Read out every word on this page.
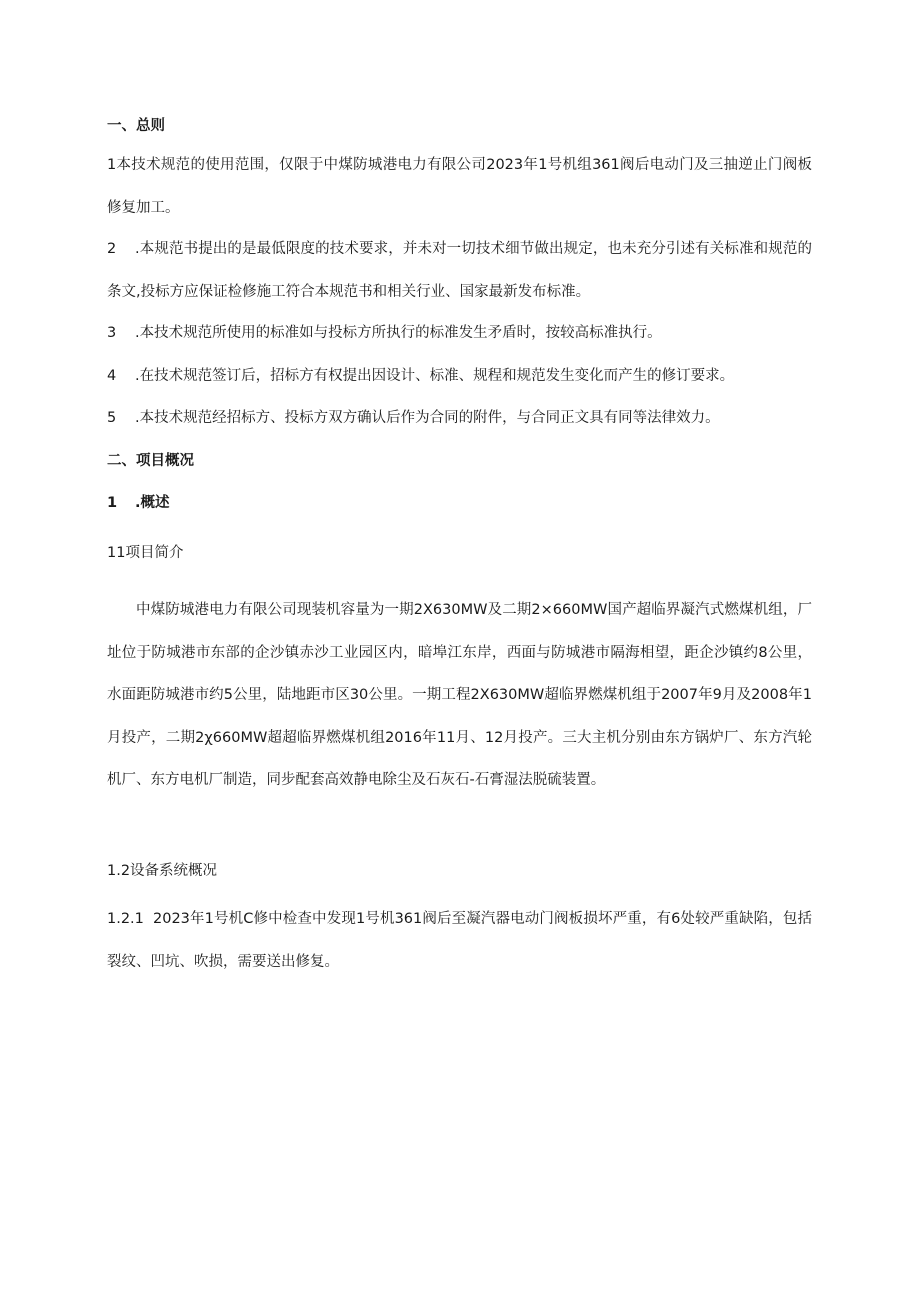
一、总则
1本技术规范的使用范围，仅限于中煤防城港电力有限公司2023年1号机组361阀后电动门及三抽逆止门阀板修复加工。
2 .本规范书提出的是最低限度的技术要求，并未对一切技术细节做出规定，也未充分引述有关标准和规范的条文,投标方应保证检修施工符合本规范书和相关行业、国家最新发布标准。
3 .本技术规范所使用的标准如与投标方所执行的标准发生矛盾时，按较高标准执行。
4 .在技术规范签订后，招标方有权提出因设计、标准、规程和规范发生变化而产生的修订要求。
5 .本技术规范经招标方、投标方双方确认后作为合同的附件，与合同正文具有同等法律效力。
二、项目概况
1 .概述
11项目简介
中煤防城港电力有限公司现装机容量为一期2X630MW及二期2×660MW国产超临界凝汽式燃煤机组，厂址位于防城港市东部的企沙镇赤沙工业园区内，暗埠江东岸，西面与防城港市隔海相望，距企沙镇约8公里，水面距防城港市约5公里，陆地距市区30公里。一期工程2X630MW超临界燃煤机组于2007年9月及2008年1月投产，二期2χ660MW超超临界燃煤机组2016年11月、12月投产。三大主机分别由东方锅炉厂、东方汽轮机厂、东方电机厂制造，同步配套高效静电除尘及石灰石-石膏湿法脱硫装置。
1.2设备系统概况
1.2.1 2023年1号机C修中检查中发现1号机361阀后至凝汽器电动门阀板损坏严重，有6处较严重缺陷，包括裂纹、凹坑、吹损，需要送出修复。
